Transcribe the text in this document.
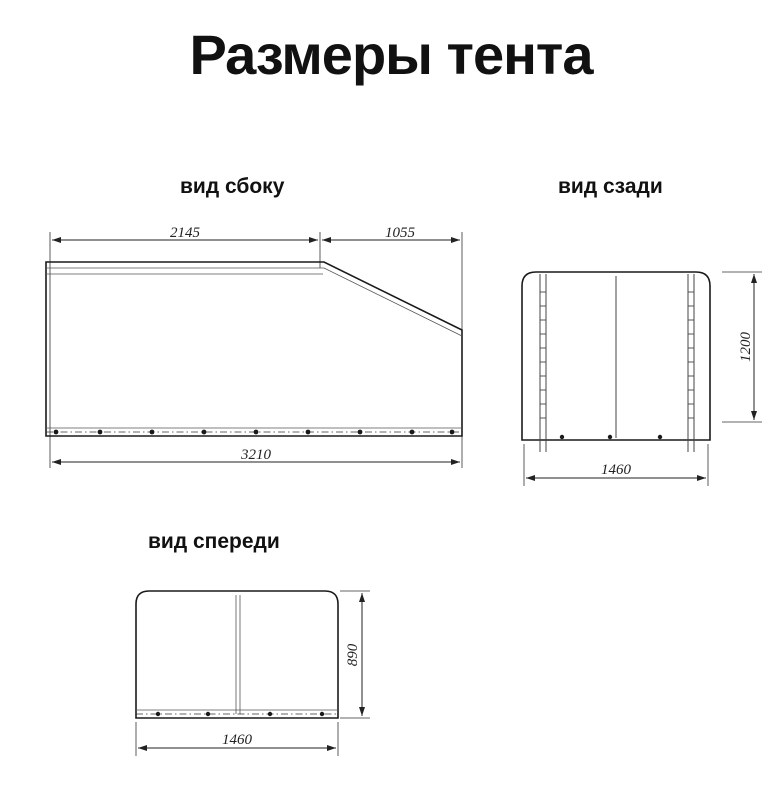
Размеры тента
вид сбоку	вид сзади
вид спереди
2145	1055
3210
1460
1200
1460
890
